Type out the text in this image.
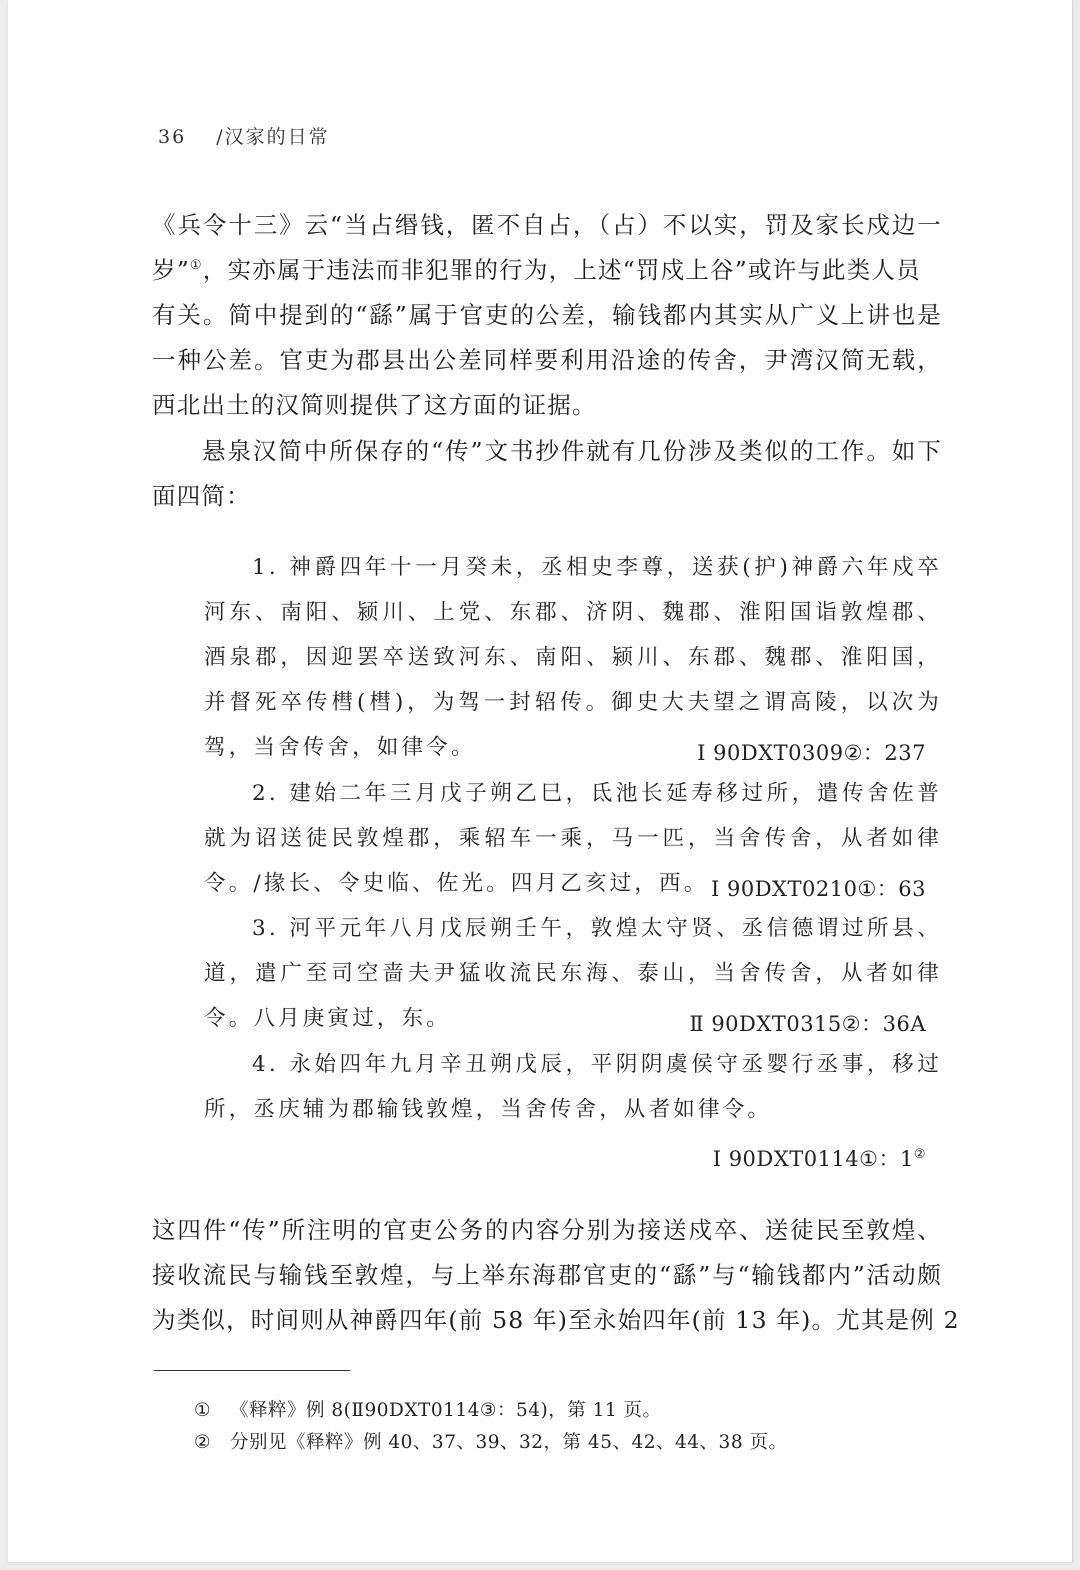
36 /汉家的日常
《兵令十三》云“当占缗钱，匿不自占，（占）不以实，罚及家长戍边一
岁”①，实亦属于违法而非犯罪的行为，上述“罚戍上谷”或许与此类人员
有关。简中提到的“繇”属于官吏的公差，输钱都内其实从广义上讲也是
一种公差。官吏为郡县出公差同样要利用沿途的传舍，尹湾汉简无载，
西北出土的汉简则提供了这方面的证据。
悬泉汉简中所保存的“传”文书抄件就有几份涉及类似的工作。如下
面四简：
1. 神爵四年十一月癸未，丞相史李尊，送获(护)神爵六年戍卒
河东、南阳、颍川、上党、东郡、济阴、魏郡、淮阳国诣敦煌郡、
酒泉郡，因迎罢卒送致河东、南阳、颍川、东郡、魏郡、淮阳国，
并督死卒传槥(槥)，为驾一封轺传。御史大夫望之谓高陵，以次为
驾，当舍传舍，如律令。	Ⅰ 90DXT0309②：237
2. 建始二年三月戊子朔乙巳，氐池长延寿移过所，遣传舍佐普
就为诏送徒民敦煌郡，乘轺车一乘，马一匹，当舍传舍，从者如律
令。/掾长、令史临、佐光。四月乙亥过，西。 Ⅰ 90DXT0210①：63
3. 河平元年八月戊辰朔壬午，敦煌太守贤、丞信德谓过所县、
道，遣广至司空啬夫尹猛收流民东海、泰山，当舍传舍，从者如律
令。八月庚寅过，东。	Ⅱ 90DXT0315②：36A
4. 永始四年九月辛丑朔戊辰，平阴阴虞侯守丞婴行丞事，移过
所，丞庆辅为郡输钱敦煌，当舍传舍，从者如律令。
Ⅰ 90DXT0114①：1②
这四件“传”所注明的官吏公务的内容分别为接送戍卒、送徒民至敦煌、
接收流民与输钱至敦煌，与上举东海郡官吏的“繇”与“输钱都内”活动颇
为类似，时间则从神爵四年(前 58 年)至永始四年(前 13 年)。尤其是例 2
① 《释粹》例 8(Ⅱ90DXT0114③：54)，第 11 页。
② 分别见《释粹》例 40、37、39、32，第 45、42、44、38 页。
